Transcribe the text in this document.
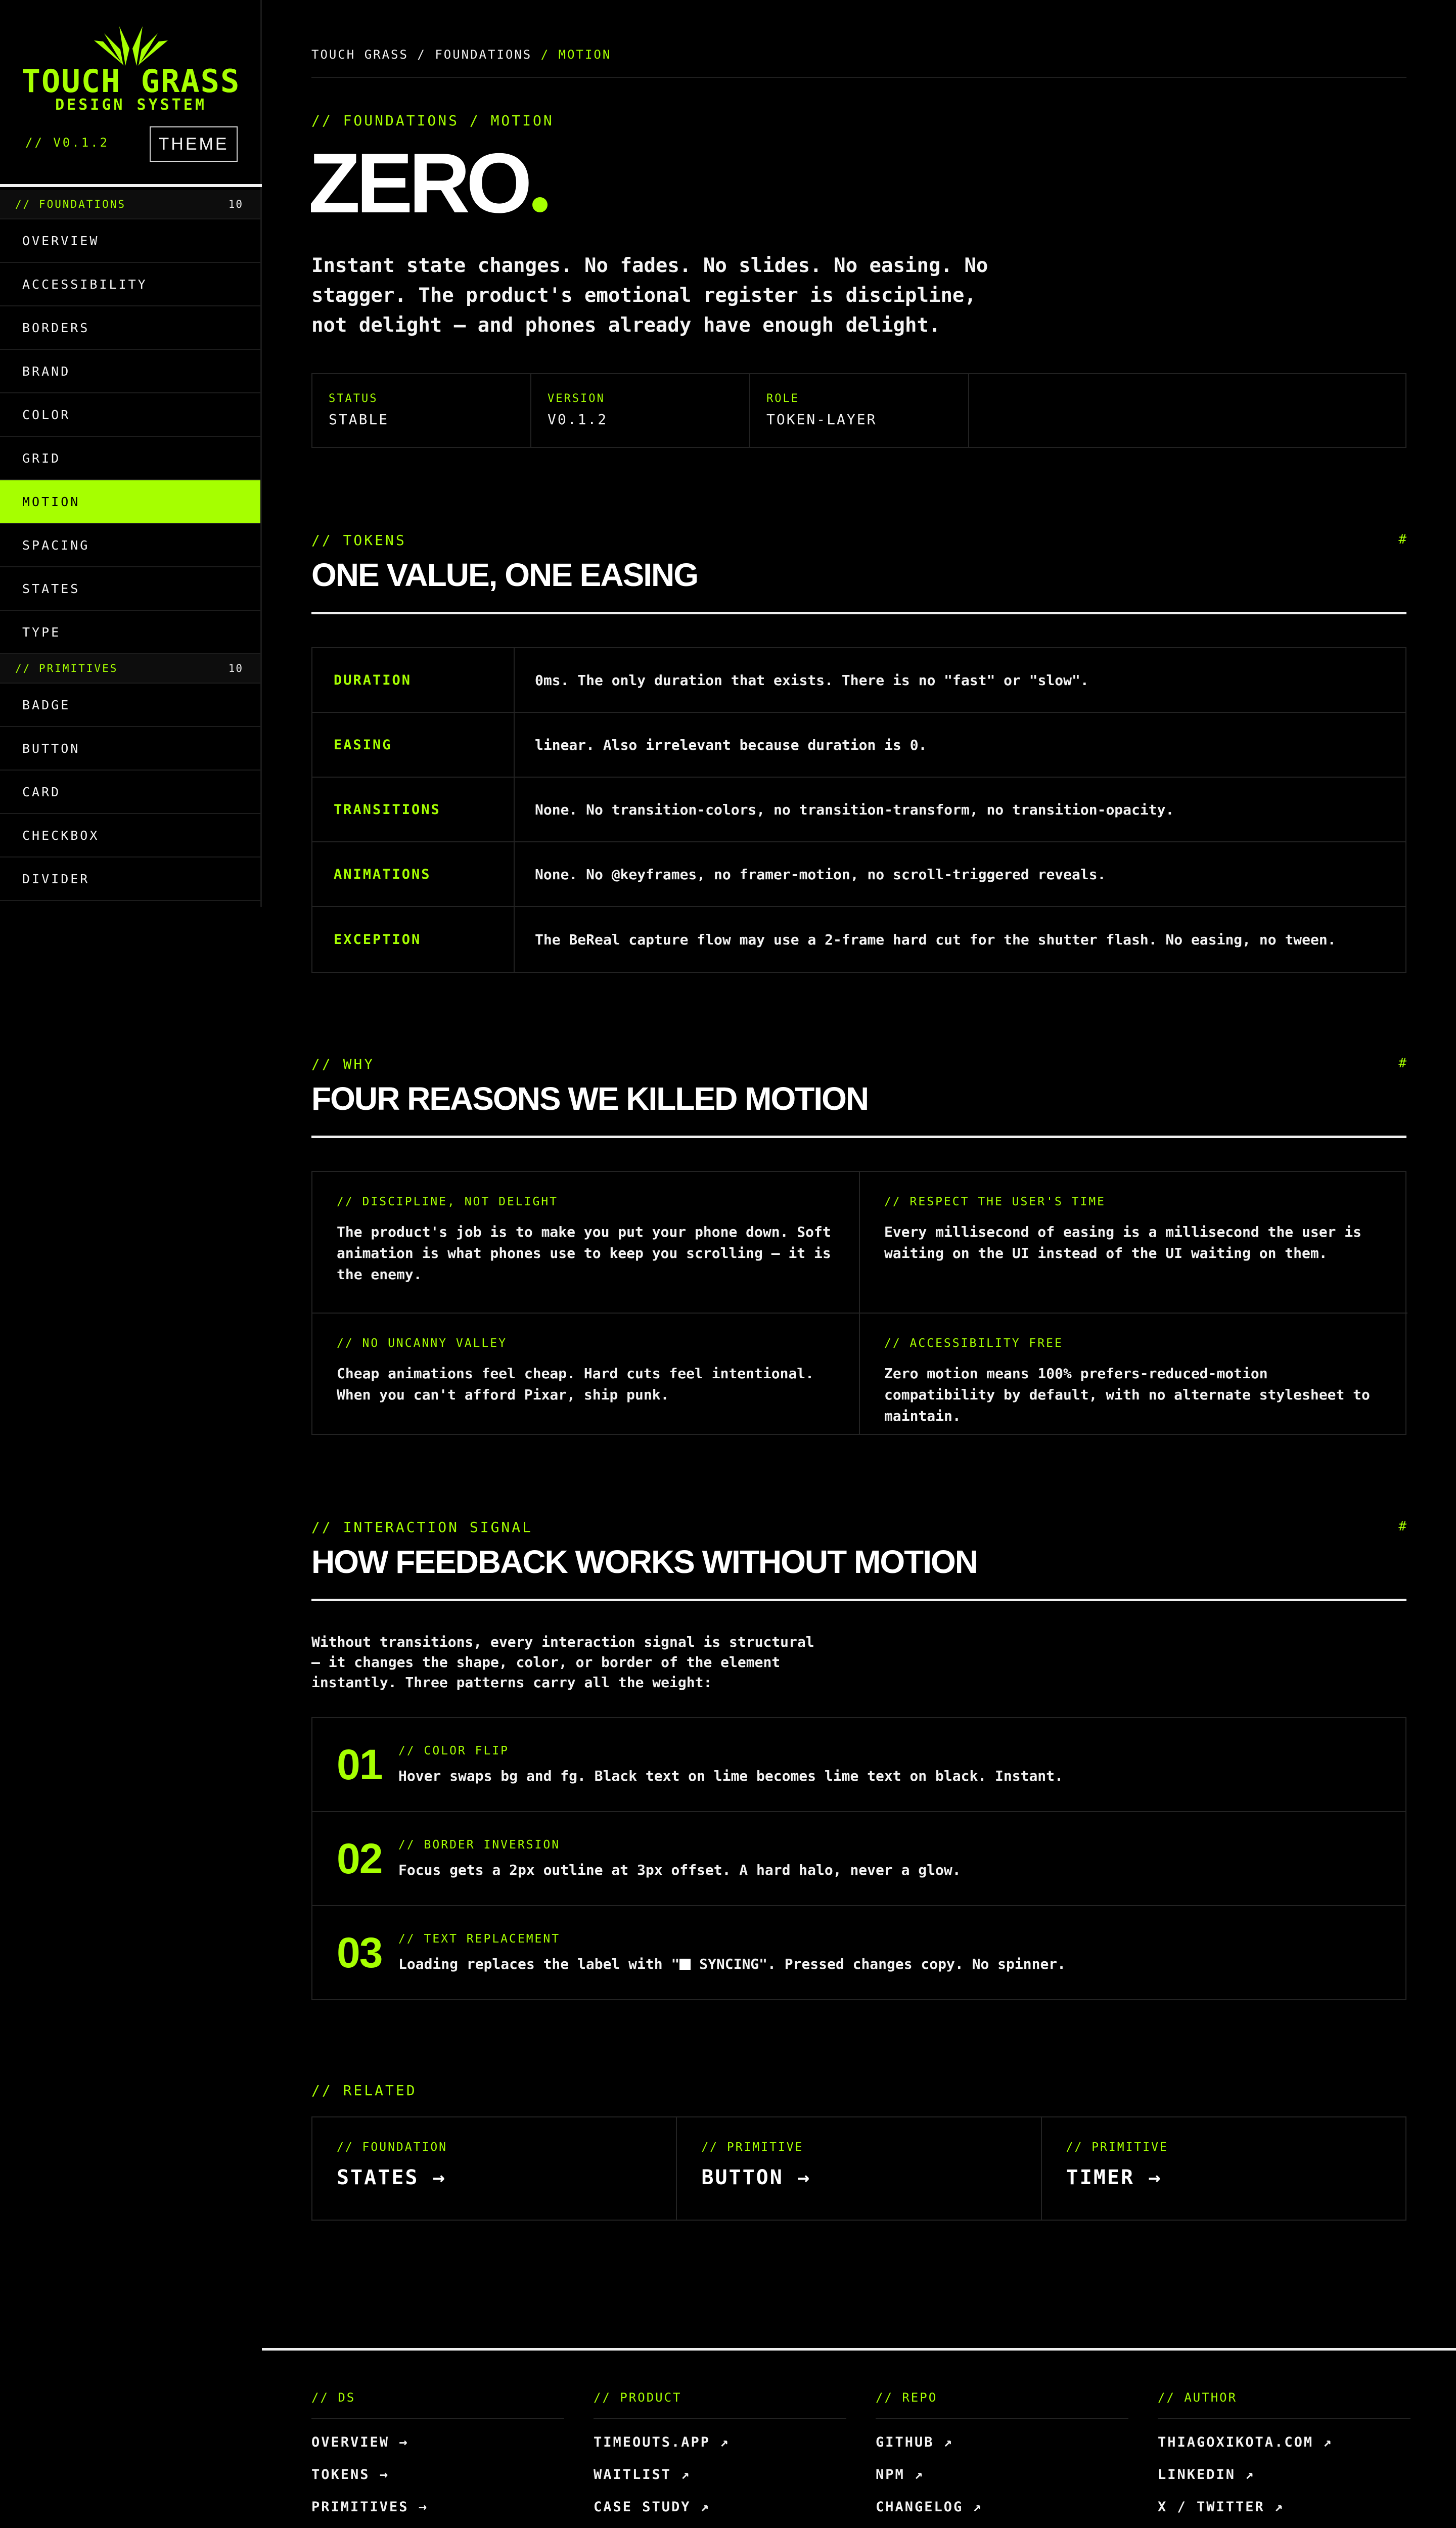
TOUCH GRASS
DESIGN SYSTEM
// V0.1.2	THEME
// FOUNDATIONS	10
OVERVIEW
ACCESSIBILITY
BORDERS
BRAND
COLOR
GRID
MOTION
SPACING
STATES
TYPE
// PRIMITIVES	10
BADGE
BUTTON
CARD
CHECKBOX
DIVIDER
TOUCH GRASS / FOUNDATIONS / MOTION
// FOUNDATIONS / MOTION
ZERO
Instant state changes. No fades. No slides. No easing. No stagger. The product's emotional register is discipline, not delight — and phones already have enough delight.
STATUS
STABLE
VERSION
V0.1.2
ROLE
TOKEN-LAYER
// TOKENS	#
ONE VALUE, ONE EASING
DURATION	0ms. The only duration that exists. There is no "fast" or "slow".
EASING	linear. Also irrelevant because duration is 0.
TRANSITIONS	None. No transition-colors, no transition-transform, no transition-opacity.
ANIMATIONS	None. No @keyframes, no framer-motion, no scroll-triggered reveals.
EXCEPTION	The BeReal capture flow may use a 2-frame hard cut for the shutter flash. No easing, no tween.
// WHY	#
FOUR REASONS WE KILLED MOTION
// DISCIPLINE, NOT DELIGHT
The product's job is to make you put your phone down. Soft animation is what phones use to keep you scrolling — it is the enemy.
// RESPECT THE USER'S TIME
Every millisecond of easing is a millisecond the user is waiting on the UI instead of the UI waiting on them.
// NO UNCANNY VALLEY
Cheap animations feel cheap. Hard cuts feel intentional. When you can't afford Pixar, ship punk.
// ACCESSIBILITY FREE
Zero motion means 100% prefers-reduced-motion compatibility by default, with no alternate stylesheet to maintain.
// INTERACTION SIGNAL	#
HOW FEEDBACK WORKS WITHOUT MOTION
Without transitions, every interaction signal is structural — it changes the shape, color, or border of the element instantly. Three patterns carry all the weight:
01 // COLOR FLIP
Hover swaps bg and fg. Black text on lime becomes lime text on black. Instant.
02 // BORDER INVERSION
Focus gets a 2px outline at 3px offset. A hard halo, never a glow.
03 // TEXT REPLACEMENT
Loading replaces the label with " SYNCING". Pressed changes copy. No spinner.
// RELATED
// FOUNDATION
STATES →
// PRIMITIVE
BUTTON →
// PRIMITIVE
TIMER →
// DS
OVERVIEW →
TOKENS →
PRIMITIVES →
// PRODUCT
TIMEOUTS.APP ↗
WAITLIST ↗
CASE STUDY ↗
// REPO
GITHUB ↗
NPM ↗
CHANGELOG ↗
// AUTHOR
THIAGOXIKOTA.COM ↗
LINKEDIN ↗
X / TWITTER ↗
